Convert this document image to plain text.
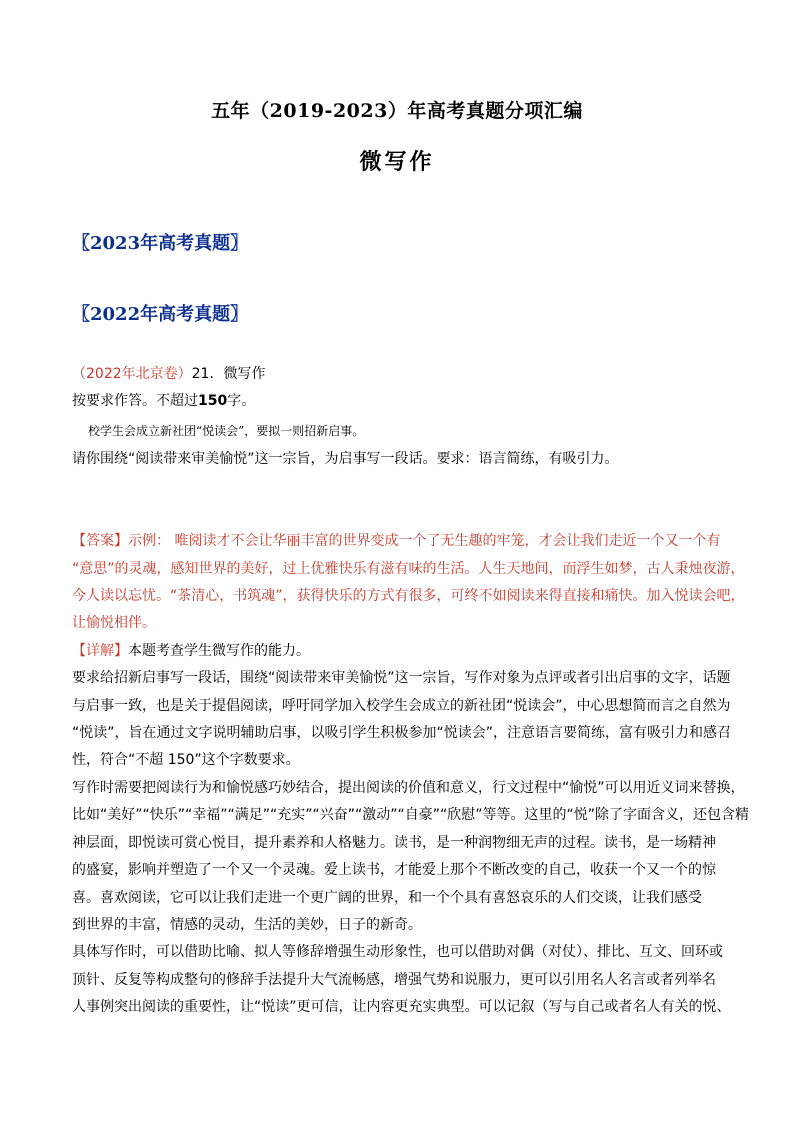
五年（2019-2023）年高考真题分项汇编
微写作
〖2023年高考真题〗
〖2022年高考真题〗
（2022年北京卷）21．微写作
按要求作答。不超过150字。
校学生会成立新社团“悦读会”，要拟一则招新启事。
请你围绕“阅读带来审美愉悦”这一宗旨，为启事写一段话。要求：语言简练，有吸引力。
【答案】示例： 唯阅读才不会让华丽丰富的世界变成一个了无生趣的牢笼，才会让我们走近一个又一个有
“意思”的灵魂，感知世界的美好，过上优雅快乐有滋有味的生活。人生天地间，而浮生如梦，古人秉烛夜游，
今人读以忘忧。“茶清心，书筑魂”，获得快乐的方式有很多，可终不如阅读来得直接和痛快。加入悦读会吧，
让愉悦相伴。
【详解】本题考查学生微写作的能力。
要求给招新启事写一段话，围绕“阅读带来审美愉悦”这一宗旨，写作对象为点评或者引出启事的文字，话题
与启事一致，也是关于提倡阅读，呼吁同学加入校学生会成立的新社团“悦读会”，中心思想简而言之自然为
“悦读”，旨在通过文字说明辅助启事，以吸引学生积极参加“悦读会”，注意语言要简练，富有吸引力和感召
性，符合“不超 150”这个字数要求。
写作时需要把阅读行为和愉悦感巧妙结合，提出阅读的价值和意义，行文过程中“愉悦”可以用近义词来替换，
比如“美好”“快乐”“幸福”“满足”“充实”“兴奋”“激动”“自豪”“欣慰”等等。这里的“悦”除了字面含义，还包含精
神层面，即悦读可赏心悦目，提升素养和人格魅力。读书，是一种润物细无声的过程。读书，是一场精神
的盛宴，影响并塑造了一个又一个灵魂。爱上读书，才能爱上那个不断改变的自己，收获一个又一个的惊
喜。喜欢阅读，它可以让我们走进一个更广阔的世界，和一个个具有喜怒哀乐的人们交谈，让我们感受
到世界的丰富，情感的灵动，生活的美妙，日子的新奇。
具体写作时，可以借助比喻、拟人等修辞增强生动形象性，也可以借助对偶（对仗）、排比、互文、回环或
顶针、反复等构成整句的修辞手法提升大气流畅感，增强气势和说服力，更可以引用名人名言或者列举名
人事例突出阅读的重要性，让“悦读”更可信，让内容更充实典型。可以记叙（写与自己或者名人有关的悦、
